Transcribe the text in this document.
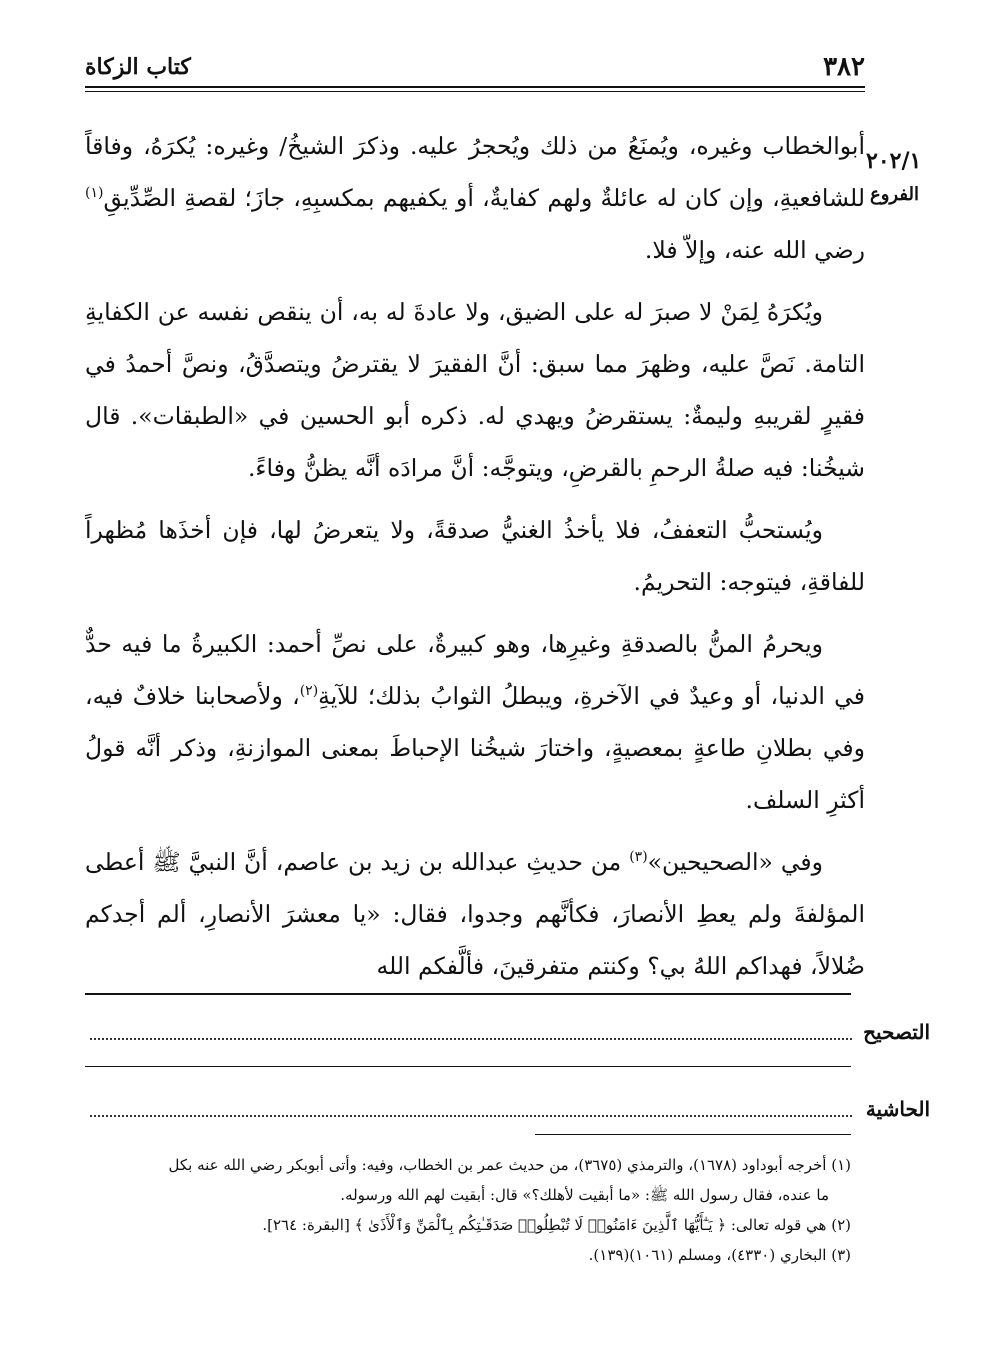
٣٨٢
كتاب الزكاة
٢٠٢/١
الفروع

أبوالخطاب وغيره، ويُمنَعُ من ذلك ويُحجرُ عليه. وذكرَ الشيخُ/ وغيره: يُكرَهُ، وفاقاً للشافعيةِ، وإن كان له عائلةٌ ولهم كفايةٌ، أو يكفيهم بمكسبِهِ، جازَ؛ لقصةِ الصِّدِّيقِ$^{(١)}$ رضي الله عنه، وإلاّ فلا.

ويُكرَهُ لِمَنْ لا صبرَ له على الضيق، ولا عادةَ له به، أن ينقص نفسه عن الكفايةِ التامة. نَصَّ عليه، وظهرَ مما سبق: أنَّ الفقيرَ لا يقترضُ ويتصدَّقُ، ونصَّ أحمدُ في فقيرٍ لقريبهِ وليمةٌ: يستقرضُ ويهدي له. ذكره أبو الحسين في «الطبقات». قال شيخُنا: فيه صلةُ الرحمِ بالقرضِ، ويتوجَّه: أنَّ مرادَه أنَّه يظنُّ وفاءً.

ويُستحبُّ التعففُ، فلا يأخذُ الغنيُّ صدقةً، ولا يتعرضُ لها، فإن أخذَها مُظهراً للفاقةِ، فيتوجه: التحريمُ.

ويحرمُ المنُّ بالصدقةِ وغيرِها، وهو كبيرةٌ، على نصِّ أحمد: الكبيرةُ ما فيه حدٌّ في الدنيا، أو وعيدٌ في الآخرةِ، ويبطلُ الثوابُ بذلك؛ للآيةِ$^{(٢)}$، ولأصحابنا خلافٌ فيه، وفي بطلانِ طاعةٍ بمعصيةٍ، واختارَ شيخُنا الإحباطَ بمعنى الموازنةِ، وذكر أنَّه قولُ أكثرِ السلف.

وفي «الصحيحين»$^{(٣)}$ من حديثِ عبدالله بن زيد بن عاصم، أنَّ النبيَّ ﷺ أعطى المؤلفةَ ولم يعطِ الأنصارَ، فكأنَّهم وجدوا، فقال: «يا معشرَ الأنصارِ، ألم أجدكم ضُلالاً، فهداكم اللهُ بي؟ وكنتم متفرقينَ، فألَّفكم الله

التصحيح
الحاشية

(١) أخرجه أبوداود (١٦٧٨)، والترمذي (٣٦٧٥)، من حديث عمر بن الخطاب، وفيه: وأتى أبوبكر رضي الله عنه بكل

ما عنده، فقال رسول الله ﷺ: «ما أبقيت لأهلك؟» قال: أبقيت لهم الله ورسوله.

(٢) هي قوله تعالى: ﴿ يَـٰٓأَيُّهَا ٱلَّذِينَ ءَامَنُوا۟ لَا تُبْطِلُوا۟ صَدَقَـٰتِكُم بِٱلْمَنِّ وَٱلْأَذَىٰ ﴾ [البقرة: ٢٦٤].

(٣) البخاري (٤٣٣٠)، ومسلم (١٠٦١)(١٣٩).
